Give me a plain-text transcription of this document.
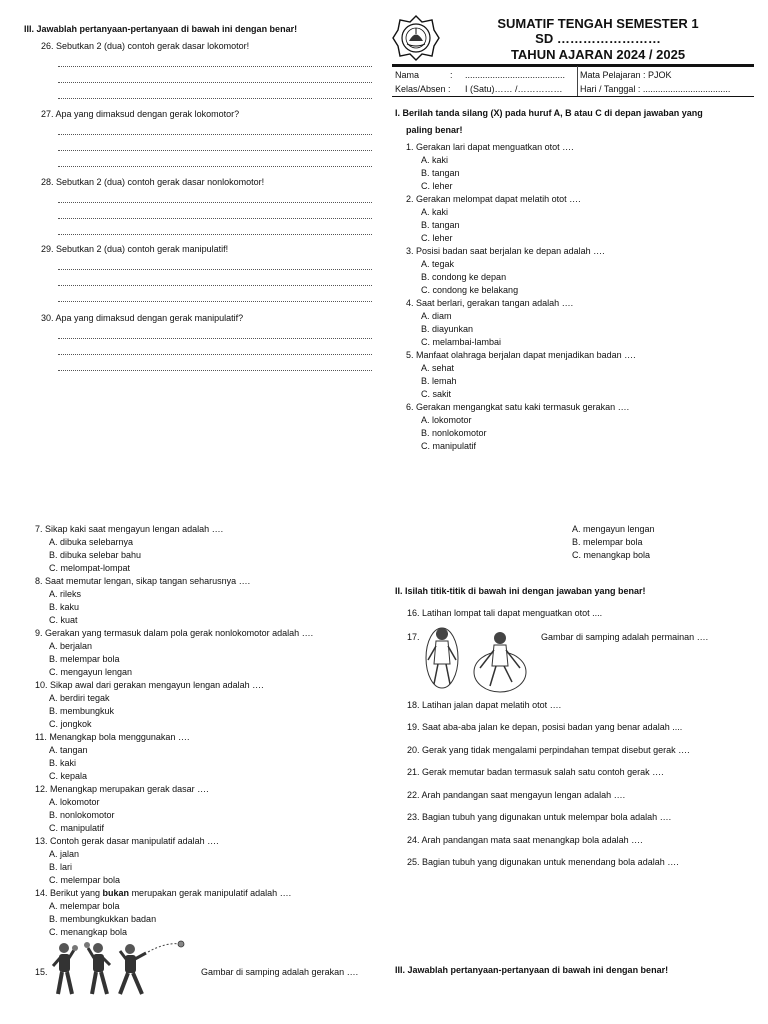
III. Jawablah pertanyaan-pertanyaan di bawah ini dengan benar!
26. Sebutkan 2 (dua) contoh gerak dasar lokomotor!
27. Apa yang dimaksud dengan gerak lokomotor?
28. Sebutkan 2 (dua) contoh gerak dasar nonlokomotor!
29. Sebutkan 2 (dua) contoh gerak manipulatif!
30. Apa yang dimaksud dengan gerak manipulatif?
SUMATIF TENGAH SEMESTER 1
SD ……………………
TAHUN AJARAN 2024 / 2025
Nama	: ........................................ Mata Pelajaran : PJOK
Kelas/Absen : I (Satu)…… /…………… Hari / Tanggal : ...................................
I. Berilah tanda silang (X) pada huruf A, B atau C di depan jawaban yang
paling benar!
1. Gerakan lari dapat menguatkan otot ….
A. kaki
B. tangan
C. leher
2. Gerakan melompat dapat melatih otot ….
A. kaki
B. tangan
C. leher
3. Posisi badan saat berjalan ke depan adalah ….
A. tegak
B. condong ke depan
C. condong ke belakang
4. Saat berlari, gerakan tangan adalah ….
A. diam
B. diayunkan
C. melambai-lambai
5. Manfaat olahraga berjalan dapat menjadikan badan ….
A. sehat
B. lemah
C. sakit
6. Gerakan mengangkat satu kaki termasuk gerakan ….
A. lokomotor
B. nonlokomotor
C. manipulatif
7. Sikap kaki saat mengayun lengan adalah ….
A. dibuka selebarnya
B. dibuka selebar bahu
C. melompat-lompat
8. Saat memutar lengan, sikap tangan seharusnya ….
A. rileks
B. kaku
C. kuat
9. Gerakan yang termasuk dalam pola gerak nonlokomotor adalah ….
A. berjalan
B. melempar bola
C. mengayun lengan
10. Sikap awal dari gerakan mengayun lengan adalah ….
A. berdiri tegak
B. membungkuk
C. jongkok
11. Menangkap bola menggunakan ….
A. tangan
B. kaki
C. kepala
12. Menangkap merupakan gerak dasar ….
A. lokomotor
B. nonlokomotor
C. manipulatif
13. Contoh gerak dasar manipulatif adalah ….
A. jalan
B. lari
C. melempar bola
14. Berikut yang bukan merupakan gerak manipulatif adalah ….
A. melempar bola
B. membungkukkan badan
C. menangkap bola
15.	Gambar di samping adalah gerakan ….
A. mengayun lengan
B. melempar bola
C. menangkap bola
II. Isilah titik-titik di bawah ini dengan jawaban yang benar!
16. Latihan lompat tali dapat menguatkan otot ....
17.	Gambar di samping adalah permainan ….
18. Latihan jalan dapat melatih otot ….
19. Saat aba-aba jalan ke depan, posisi badan yang benar adalah ....
20. Gerak yang tidak mengalami perpindahan tempat disebut gerak ….
21. Gerak memutar badan termasuk salah satu contoh gerak ….
22. Arah pandangan saat mengayun lengan adalah ….
23. Bagian tubuh yang digunakan untuk melempar bola adalah ….
24. Arah pandangan mata saat menangkap bola adalah ….
25. Bagian tubuh yang digunakan untuk menendang bola adalah ….
III. Jawablah pertanyaan-pertanyaan di bawah ini dengan benar!
